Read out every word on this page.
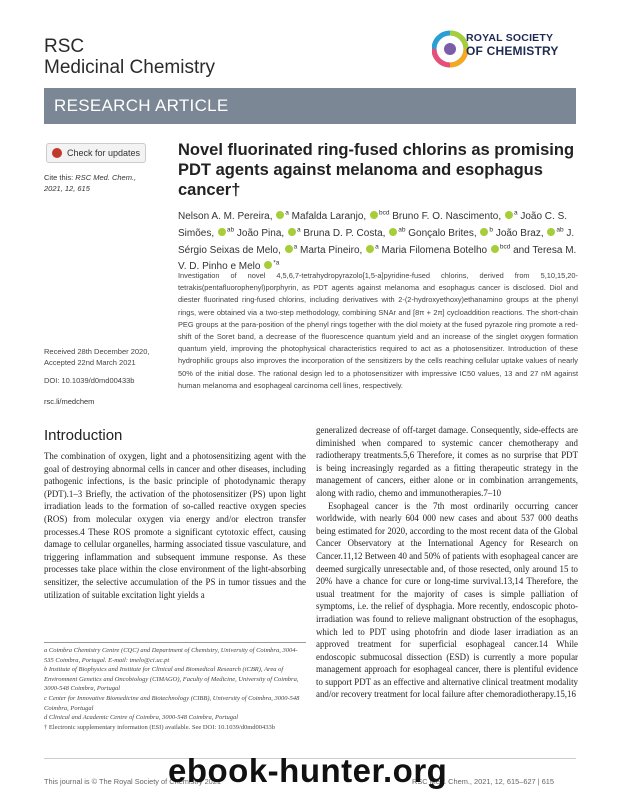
RSC
Medicinal Chemistry
ROYAL SOCIETY
OF CHEMISTRY
RESEARCH ARTICLE
Check for updates
Cite this: RSC Med. Chem., 2021, 12, 615
Novel fluorinated ring-fused chlorins as promising PDT agents against melanoma and esophagus cancer†
Nelson A. M. Pereira, $^a$ Mafalda Laranjo, $^{bcd}$ Bruno F. O. Nascimento, $^a$ João C. S. Simões, $^{ab}$ João Pina, $^a$ Bruna D. P. Costa, $^{ab}$ Gonçalo Brites, $^b$ João Braz, $^{ab}$ J. Sérgio Seixas de Melo, $^a$ Marta Pineiro, $^a$ Maria Filomena Botelho $^{bcd}$ and Teresa M. V. D. Pinho e Melo $^{*a}$
Investigation of novel 4,5,6,7-tetrahydropyrazolo[1,5-a]pyridine-fused chlorins, derived from 5,10,15,20-tetrakis(pentafluorophenyl)porphyrin, as PDT agents against melanoma and esophagus cancer is disclosed. Diol and diester fluorinated ring-fused chlorins, including derivatives with 2-(2-hydroxyethoxy)ethanamino groups at the phenyl rings, were obtained via a two-step methodology, combining SNAr and [8π + 2π] cycloaddition reactions. The short-chain PEG groups at the para-position of the phenyl rings together with the diol moiety at the fused pyrazole ring promote a red-shift of the Soret band, a decrease of the fluorescence quantum yield and an increase of the singlet oxygen formation quantum yield, improving the photophysical characteristics required to act as a photosensitizer. Introduction of these hydrophilic groups also improves the incorporation of the sensitizers by the cells reaching cellular uptake values of nearly 50% of the initial dose. The rational design led to a photosensitizer with impressive IC50 values, 13 and 27 nM against human melanoma and esophageal carcinoma cell lines, respectively.
Received 28th December 2020,
Accepted 22nd March 2021
DOI: 10.1039/d0md00433b
rsc.li/medchem
Introduction
The combination of oxygen, light and a photosensitizing agent with the goal of destroying abnormal cells in cancer and other diseases, including pathogenic infections, is the basic principle of photodynamic therapy (PDT).1–3 Briefly, the activation of the photosensitizer (PS) upon light irradiation leads to the formation of so-called reactive oxygen species (ROS) from molecular oxygen via energy and/or electron transfer processes.4 These ROS promote a significant cytotoxic effect, causing damage to cellular organelles, harming associated tissue vasculature, and triggering inflammation and subsequent immune response. As these processes take place within the close environment of the light-absorbing sensitizer, the selective accumulation of the PS in tumor tissues and the utilization of suitable excitation light yields a

generalized decrease of off-target damage. Consequently, side-effects are diminished when compared to systemic cancer chemotherapy and radiotherapy treatments.5,6 Therefore, it comes as no surprise that PDT is being increasingly regarded as a fitting therapeutic strategy in the management of cancers, either alone or in combination arrangements, along with radio, chemo and immunotherapies.7–10

Esophageal cancer is the 7th most ordinarily occurring cancer worldwide, with nearly 604 000 new cases and about 537 000 deaths being estimated for 2020, according to the most recent data of the Global Cancer Observatory at the International Agency for Research on Cancer.11,12 Between 40 and 50% of patients with esophageal cancer are deemed surgically unresectable and, of those resected, only around 15 to 20% have a chance for cure or long-time survival.13,14 Therefore, the usual treatment for the majority of cases is simple palliation of symptoms, i.e. the relief of dysphagia. More recently, endoscopic photo-irradiation was found to relieve malignant obstruction of the esophagus, which led to PDT using photofrin and diode laser irradiation as an approved treatment for superficial esophageal cancer.14 While endoscopic submucosal dissection (ESD) is currently a more popular management approach for esophageal cancer, there is plentiful evidence to support PDT as an effective and alternative clinical treatment modality and/or recovery treatment for local failure after chemoradiotherapy.15,16

a Coimbra Chemistry Centre (CQC) and Department of Chemistry, University of Coimbra, 3004-535 Coimbra, Portugal. E-mail: tmelo@ci.uc.pt
b Institute of Biophysics and Institute for Clinical and Biomedical Research (iCBR), Area of Environment Genetics and Oncobiology (CIMAGO), Faculty of Medicine, University of Coimbra, 3000-548 Coimbra, Portugal
c Center for Innovative Biomedicine and Biotechnology (CIBB), University of Coimbra, 3000-548 Coimbra, Portugal
d Clinical and Academic Centre of Coimbra, 3000-548 Coimbra, Portugal
† Electronic supplementary information (ESI) available. See DOI: 10.1039/d0md00433b
This journal is © The Royal Society of Chemistry 2021	RSC Med. Chem., 2021, 12, 615–627 | 615
ebook-hunter.org
